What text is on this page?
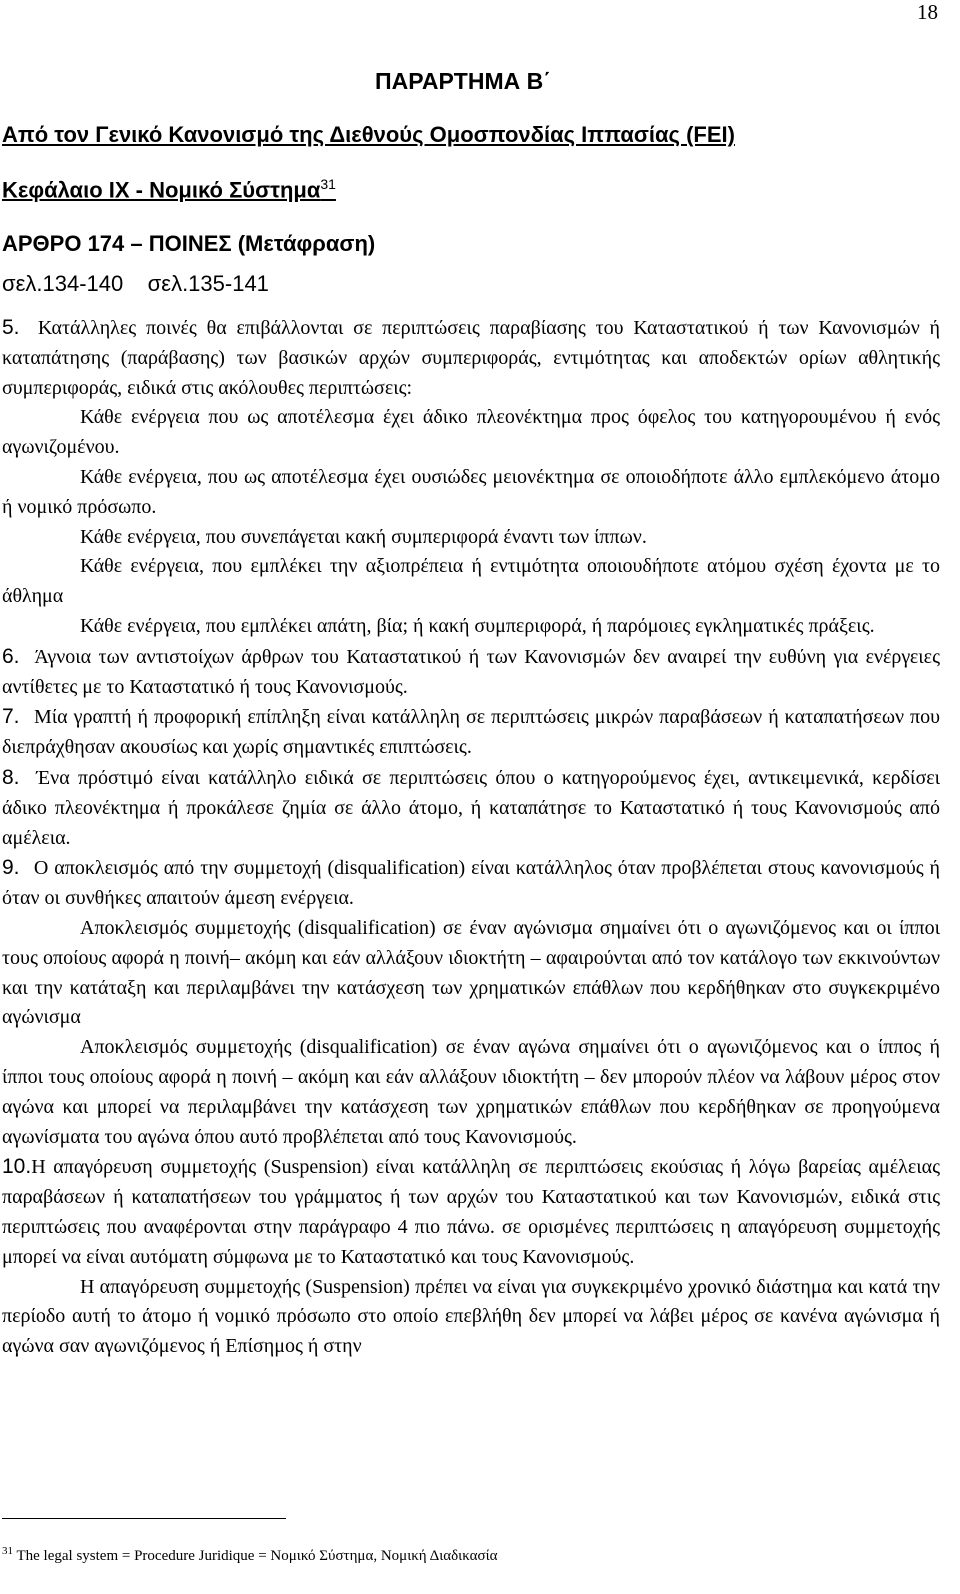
18
ΠΑΡΑΡΤΗΜΑ Β΄
Από τον Γενικό Κανονισμό της Διεθνούς Ομοσπονδίας Ιππασίας (FEI)
Κεφάλαιο ΙΧ - Νομικό Σύστημα$^{31}$
ΑΡΘΡΟ 174 – ΠΟΙΝΕΣ (Μετάφραση)
σελ.134-140    σελ.135-141

5. Κατάλληλες ποινές θα επιβάλλονται σε περιπτώσεις παραβίασης του Καταστατικού ή των Κανονισμών ή καταπάτησης (παράβασης) των βασικών αρχών συμπεριφοράς, εντιμότητας και αποδεκτών ορίων αθλητικής συμπεριφοράς, ειδικά στις ακόλουθες περιπτώσεις:

Κάθε ενέργεια που ως αποτέλεσμα έχει άδικο πλεονέκτημα προς όφελος του κατηγορουμένου ή ενός αγωνιζομένου.

Κάθε ενέργεια, που ως αποτέλεσμα έχει ουσιώδες μειονέκτημα σε οποιοδήποτε άλλο εμπλεκόμενο άτομο ή νομικό πρόσωπο.

Κάθε ενέργεια, που συνεπάγεται κακή συμπεριφορά έναντι των ίππων.

Κάθε ενέργεια, που εμπλέκει την αξιοπρέπεια ή εντιμότητα οποιουδήποτε ατόμου σχέση έχοντα με το άθλημα

Κάθε ενέργεια, που εμπλέκει απάτη, βία; ή κακή συμπεριφορά, ή παρόμοιες εγκληματικές πράξεις.

6. Άγνοια των αντιστοίχων άρθρων του Καταστατικού ή των Κανονισμών δεν αναιρεί την ευθύνη για ενέργειες αντίθετες με το Καταστατικό ή τους Κανονισμούς.

7. Μία γραπτή ή προφορική επίπληξη είναι κατάλληλη σε περιπτώσεις μικρών παραβάσεων ή καταπατήσεων που διεπράχθησαν ακουσίως και χωρίς σημαντικές επιπτώσεις.

8. Ένα πρόστιμό είναι κατάλληλο ειδικά σε περιπτώσεις όπου ο κατηγορούμενος έχει, αντικειμενικά, κερδίσει άδικο πλεονέκτημα ή προκάλεσε ζημία σε άλλο άτομο, ή καταπάτησε το Καταστατικό ή τους Κανονισμούς από αμέλεια.

9. Ο αποκλεισμός από την συμμετοχή (disqualification) είναι κατάλληλος όταν προβλέπεται στους κανονισμούς ή όταν οι συνθήκες απαιτούν άμεση ενέργεια.

Αποκλεισμός συμμετοχής (disqualification) σε έναν αγώνισμα σημαίνει ότι ο αγωνιζόμενος και οι ίπποι τους οποίους αφορά η ποινή– ακόμη και εάν αλλάξουν ιδιοκτήτη – αφαιρούνται από τον κατάλογο των εκκινούντων και την κατάταξη και περιλαμβάνει την κατάσχεση των χρηματικών επάθλων που κερδήθηκαν στο συγκεκριμένο αγώνισμα

Αποκλεισμός συμμετοχής (disqualification) σε έναν αγώνα σημαίνει ότι ο αγωνιζόμενος και ο ίππος ή ίπποι τους οποίους αφορά η ποινή – ακόμη και εάν αλλάξουν ιδιοκτήτη – δεν μπορούν πλέον να λάβουν μέρος στον αγώνα και μπορεί να περιλαμβάνει την κατάσχεση των χρηματικών επάθλων που κερδήθηκαν σε προηγούμενα αγωνίσματα του αγώνα όπου αυτό προβλέπεται από τους Κανονισμούς.

10.Η απαγόρευση συμμετοχής (Suspension) είναι κατάλληλη σε περιπτώσεις εκούσιας ή λόγω βαρείας αμέλειας παραβάσεων ή καταπατήσεων του γράμματος ή των αρχών του Καταστατικού και των Κανονισμών, ειδικά στις περιπτώσεις που αναφέρονται στην παράγραφο 4 πιο πάνω. σε ορισμένες περιπτώσεις η απαγόρευση συμμετοχής μπορεί να είναι αυτόματη σύμφωνα με το Καταστατικό και τους Κανονισμούς.

Η απαγόρευση συμμετοχής (Suspension) πρέπει να είναι για συγκεκριμένο χρονικό διάστημα και κατά την περίοδο αυτή το άτομο ή νομικό πρόσωπο στο οποίο επεβλήθη δεν μπορεί να λάβει μέρος σε κανένα αγώνισμα ή αγώνα σαν αγωνιζόμενος ή Επίσημος ή στην

$^{31}$ The legal system = Procedure Juridique = Νομικό Σύστημα, Νομική Διαδικασία
